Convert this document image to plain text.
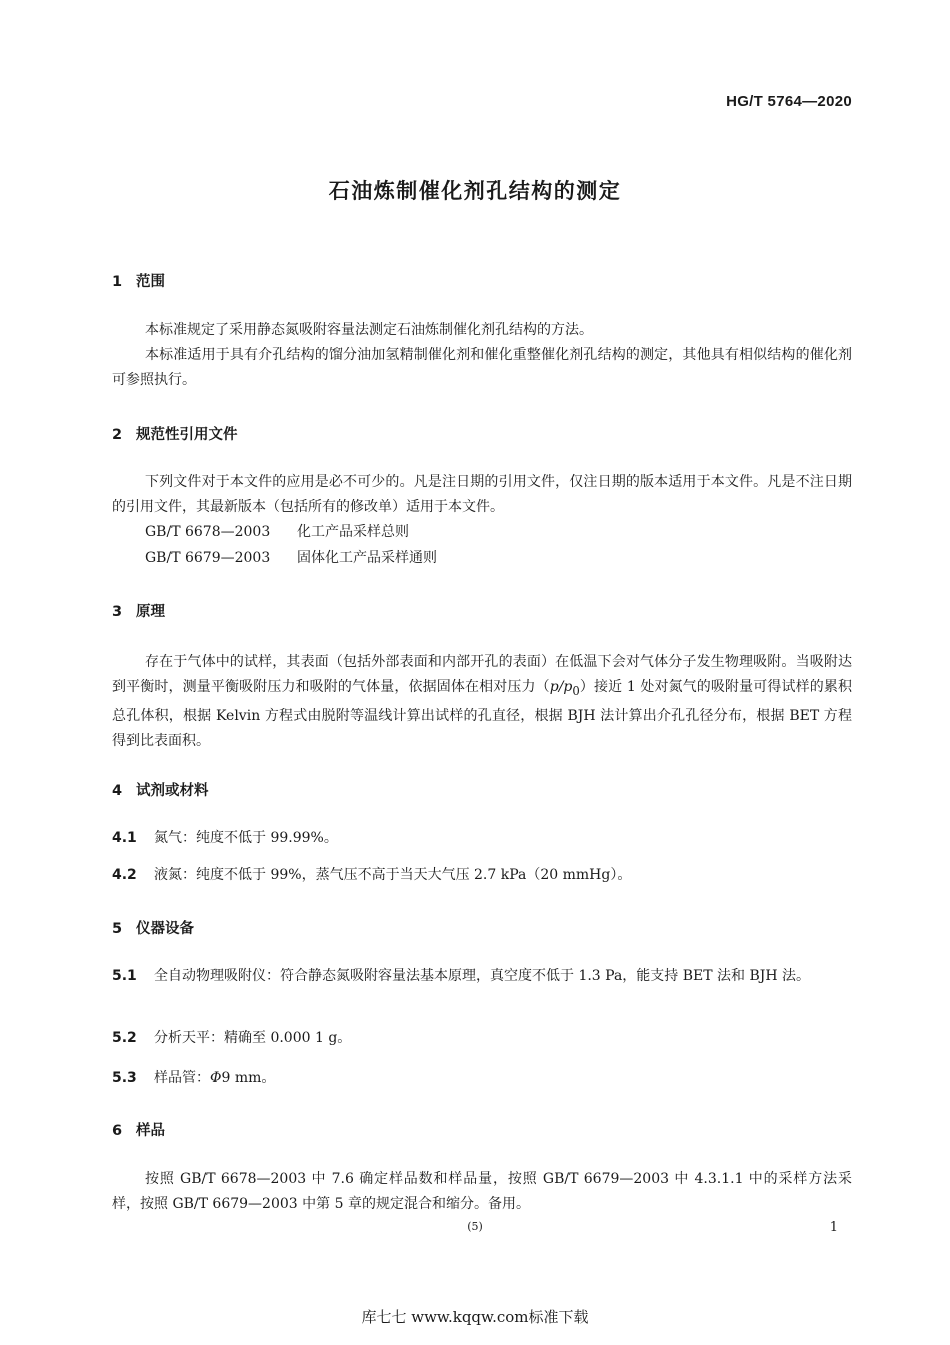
HG/T 5764—2020
石油炼制催化剂孔结构的测定
1 范围
本标准规定了采用静态氮吸附容量法测定石油炼制催化剂孔结构的方法。
本标准适用于具有介孔结构的馏分油加氢精制催化剂和催化重整催化剂孔结构的测定，其他具有相似结构的催化剂可参照执行。
2 规范性引用文件
下列文件对于本文件的应用是必不可少的。凡是注日期的引用文件，仅注日期的版本适用于本文件。凡是不注日期的引用文件，其最新版本（包括所有的修改单）适用于本文件。
GB/T 6678—2003 化工产品采样总则
GB/T 6679—2003 固体化工产品采样通则
3 原理
存在于气体中的试样，其表面（包括外部表面和内部开孔的表面）在低温下会对气体分子发生物理吸附。当吸附达到平衡时，测量平衡吸附压力和吸附的气体量，依据固体在相对压力$(p/p_0)$接近 1 处对氮气的吸附量可得试样的累积总孔体积，根据 Kelvin 方程式由脱附等温线计算出试样的孔直径，根据 BJH 法计算出介孔孔径分布，根据 BET 方程得到比表面积。
4 试剂或材料
4.1 氮气：纯度不低于 99.99%。
4.2 液氮：纯度不低于 99%，蒸气压不高于当天大气压 2.7 kPa（20 mmHg）。
5 仪器设备
5.1 全自动物理吸附仪：符合静态氮吸附容量法基本原理，真空度不低于 1.3 Pa，能支持 BET 法和 BJH 法。
5.2 分析天平：精确至 0.000 1 g。
5.3 样品管：Φ9 mm。
6 样品
按照 GB/T 6678—2003 中 7.6 确定样品数和样品量，按照 GB/T 6679—2003 中 4.3.1.1 中的采样方法采样，按照 GB/T 6679—2003 中第 5 章的规定混合和缩分。备用。
(5)	1
库七七 www.kqqw.com标准下载
